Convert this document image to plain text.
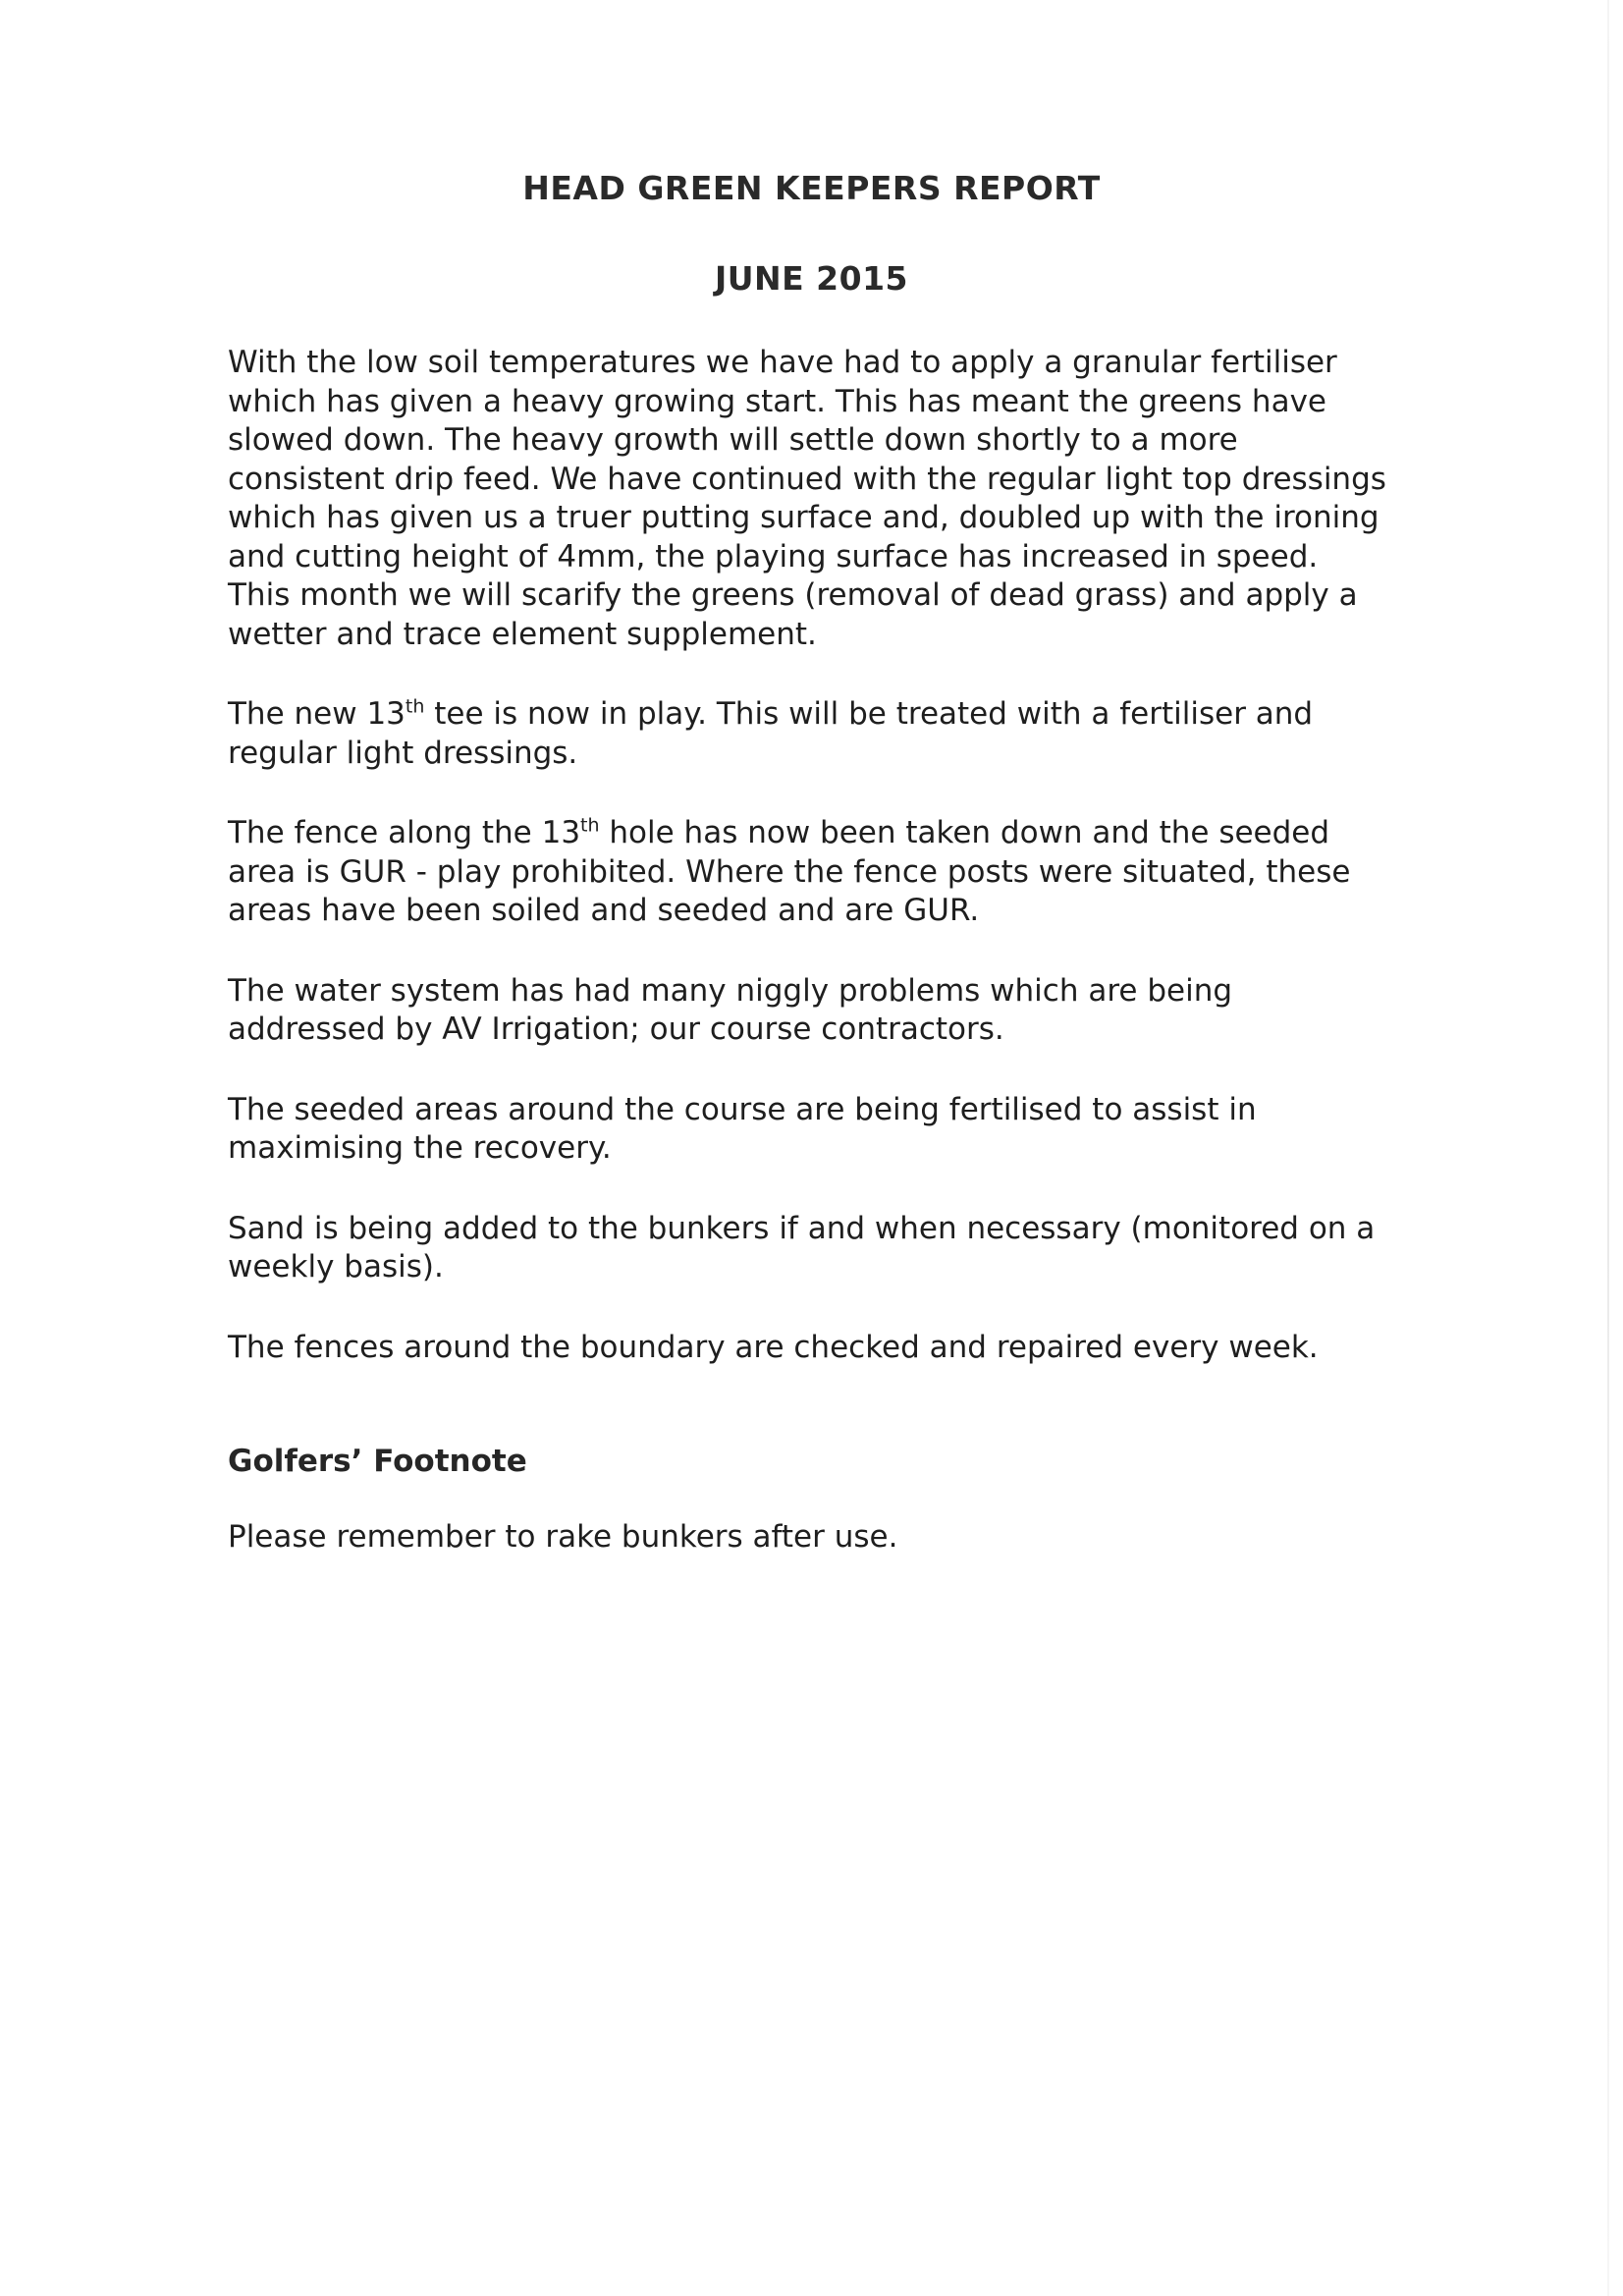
HEAD GREEN KEEPERS REPORT
JUNE 2015

With the low soil temperatures we have had to apply a granular fertiliser which has given a heavy growing start. This has meant the greens have slowed down. The heavy growth will settle down shortly to a more consistent drip feed. We have continued with the regular light top dressings which has given us a truer putting surface and, doubled up with the ironing and cutting height of 4mm, the playing surface has increased in speed. This month we will scarify the greens (removal of dead grass) and apply a wetter and trace element supplement.

The new 13th tee is now in play. This will be treated with a fertiliser and regular light dressings.

The fence along the 13th hole has now been taken down and the seeded area is GUR - play prohibited. Where the fence posts were situated, these areas have been soiled and seeded and are GUR.

The water system has had many niggly problems which are being addressed by AV Irrigation; our course contractors.

The seeded areas around the course are being fertilised to assist in maximising the recovery.

Sand is being added to the bunkers if and when necessary (monitored on a weekly basis).

The fences around the boundary are checked and repaired every week.

Golfers’ Footnote

Please remember to rake bunkers after use.
